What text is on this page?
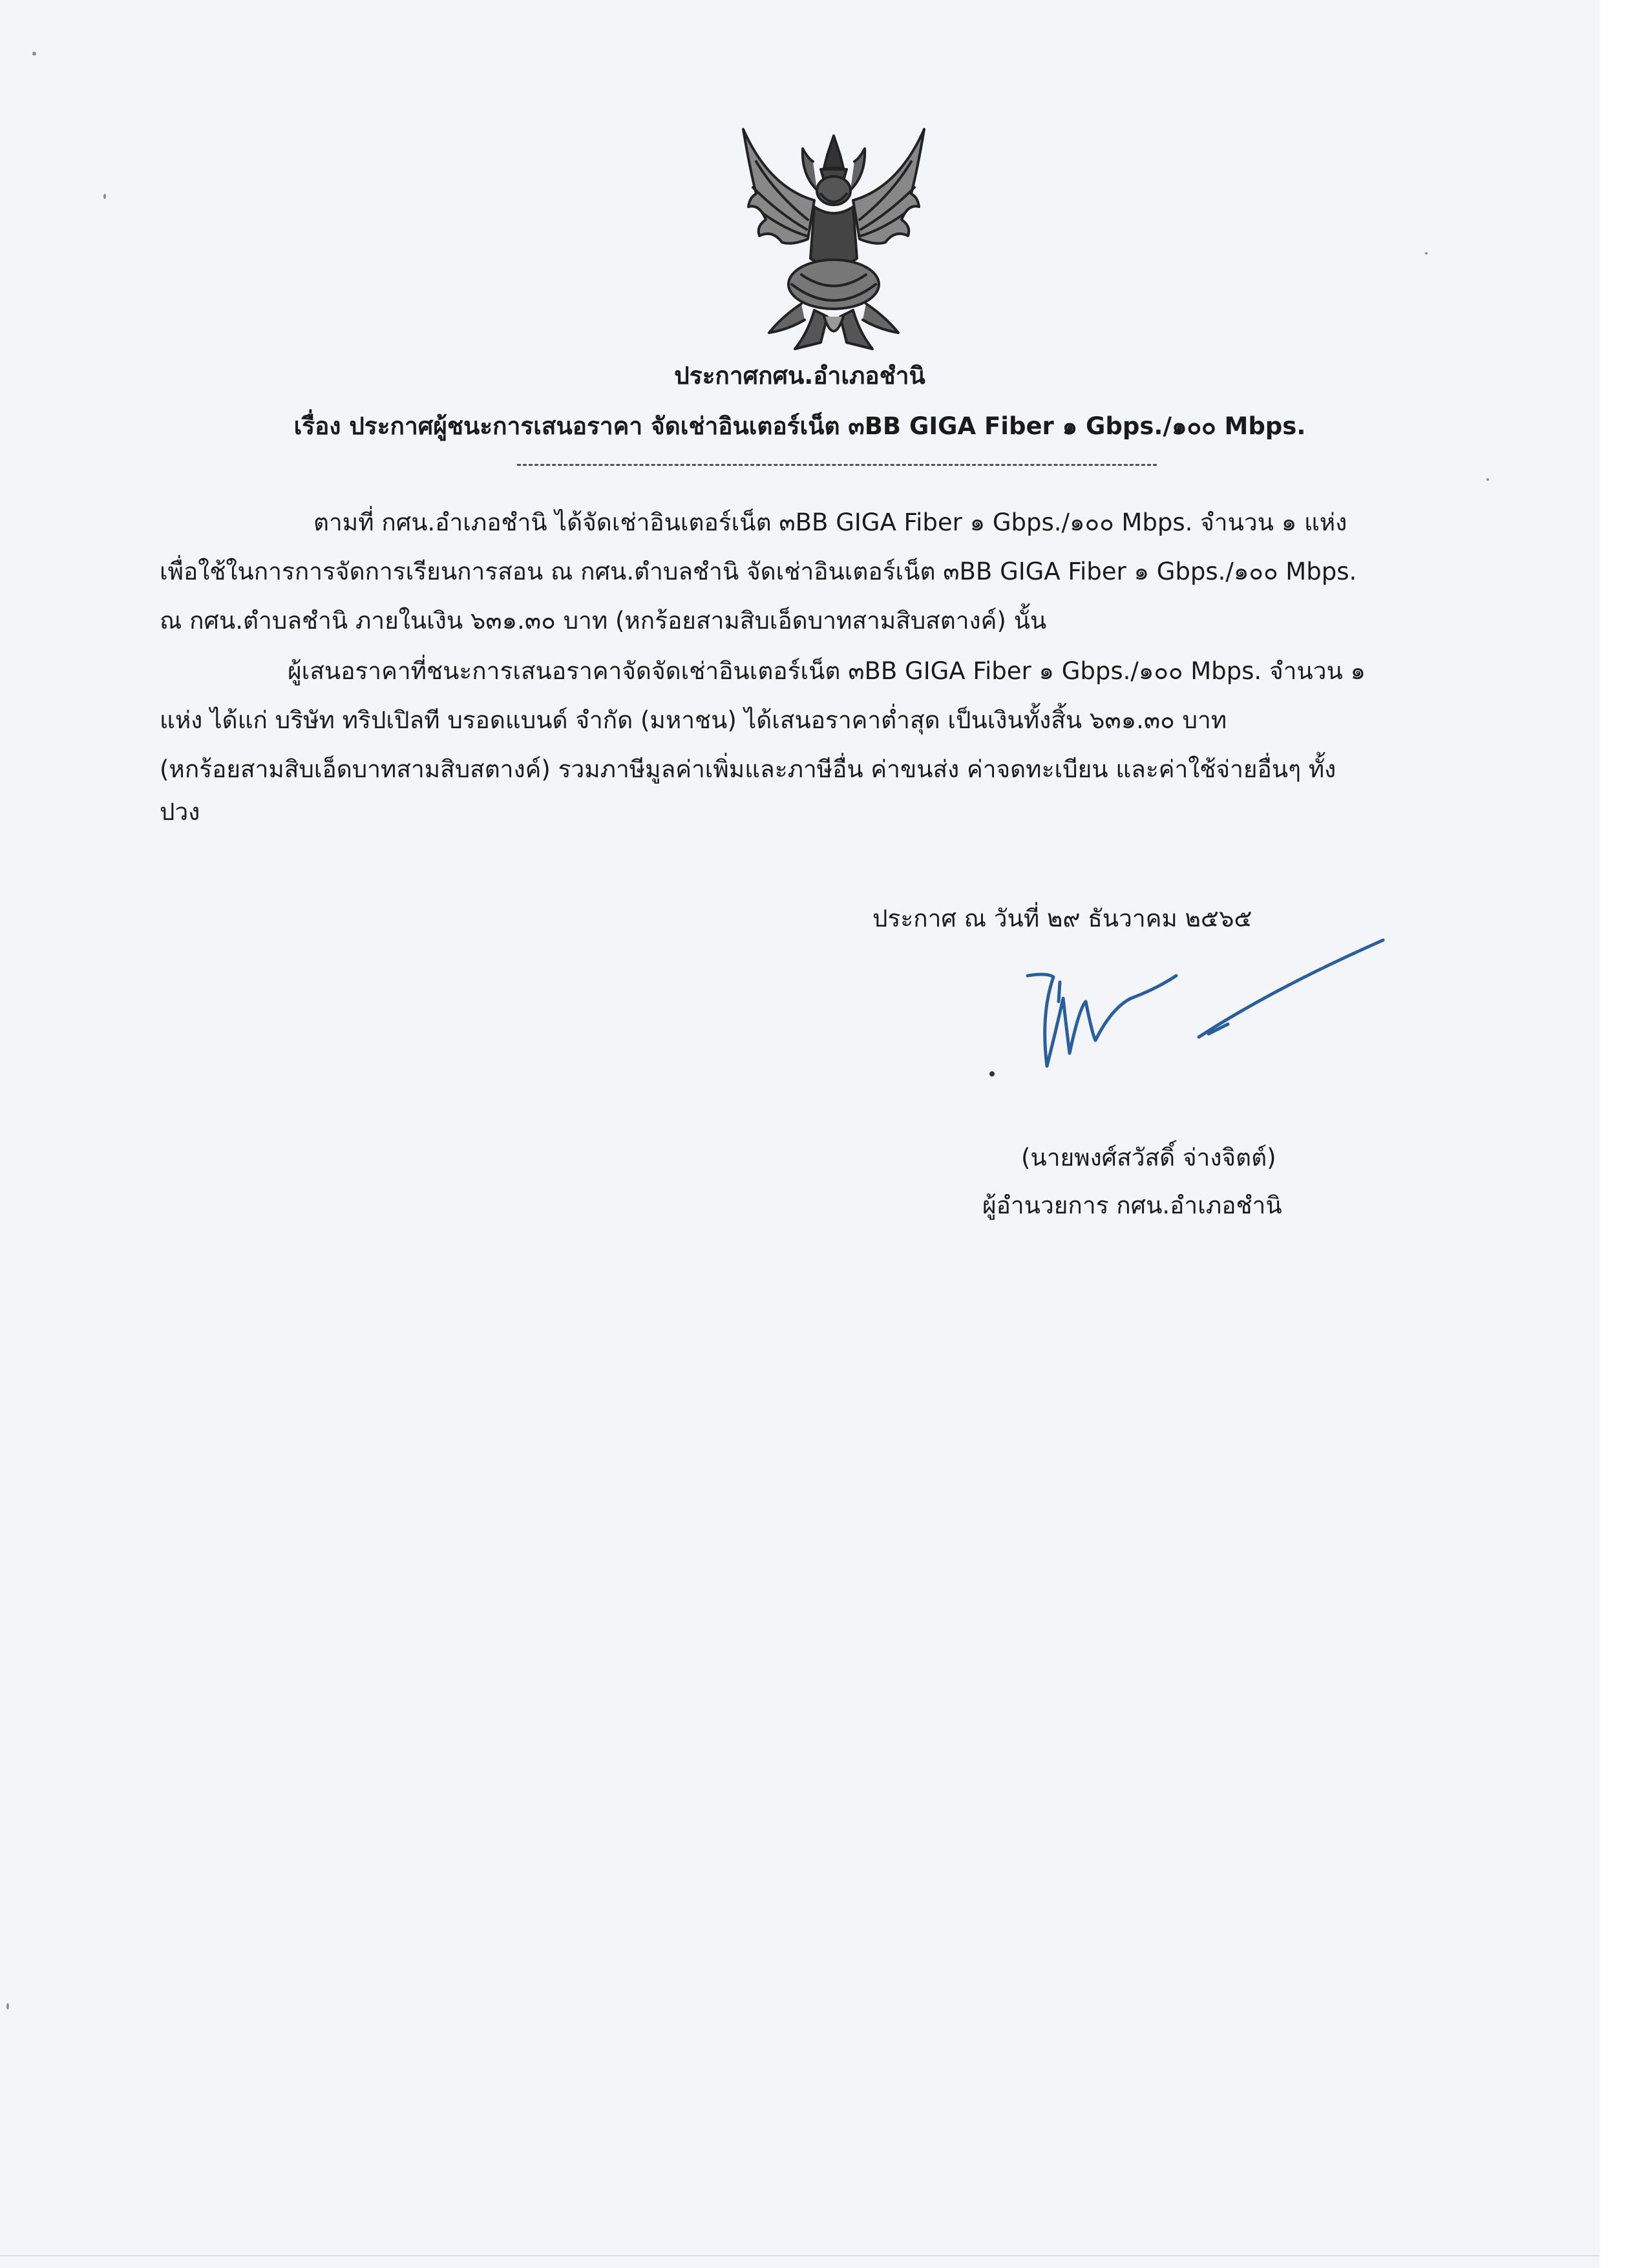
ประกาศกศน.อำเภอชำนิ
เรื่อง ประกาศผู้ชนะการเสนอราคา จัดเช่าอินเตอร์เน็ต ๓BB GIGA Fiber ๑ Gbps./๑๐๐ Mbps.
ตามที่ กศน.อำเภอชำนิ ได้จัดเช่าอินเตอร์เน็ต ๓BB GIGA Fiber ๑ Gbps./๑๐๐ Mbps. จำนวน ๑ แห่ง
เพื่อใช้ในการการจัดการเรียนการสอน ณ กศน.ตำบลชำนิ จัดเช่าอินเตอร์เน็ต ๓BB GIGA Fiber ๑ Gbps./๑๐๐ Mbps.
ณ กศน.ตำบลชำนิ ภายในเงิน ๖๓๑.๓๐ บาท (หกร้อยสามสิบเอ็ดบาทสามสิบสตางค์) นั้น
ผู้เสนอราคาที่ชนะการเสนอราคาจัดจัดเช่าอินเตอร์เน็ต ๓BB GIGA Fiber ๑ Gbps./๑๐๐ Mbps. จำนวน ๑
แห่ง ได้แก่ บริษัท ทริปเปิลที บรอดแบนด์ จำกัด (มหาชน) ได้เสนอราคาต่ำสุด เป็นเงินทั้งสิ้น ๖๓๑.๓๐ บาท
(หกร้อยสามสิบเอ็ดบาทสามสิบสตางค์) รวมภาษีมูลค่าเพิ่มและภาษีอื่น ค่าขนส่ง ค่าจดทะเบียน และค่าใช้จ่ายอื่นๆ ทั้ง
ปวง
ประกาศ ณ วันที่ ๒๙ ธันวาคม ๒๕๖๕
(นายพงศ์สวัสดิ์ จ่างจิตต์)
ผู้อำนวยการ กศน.อำเภอชำนิ
